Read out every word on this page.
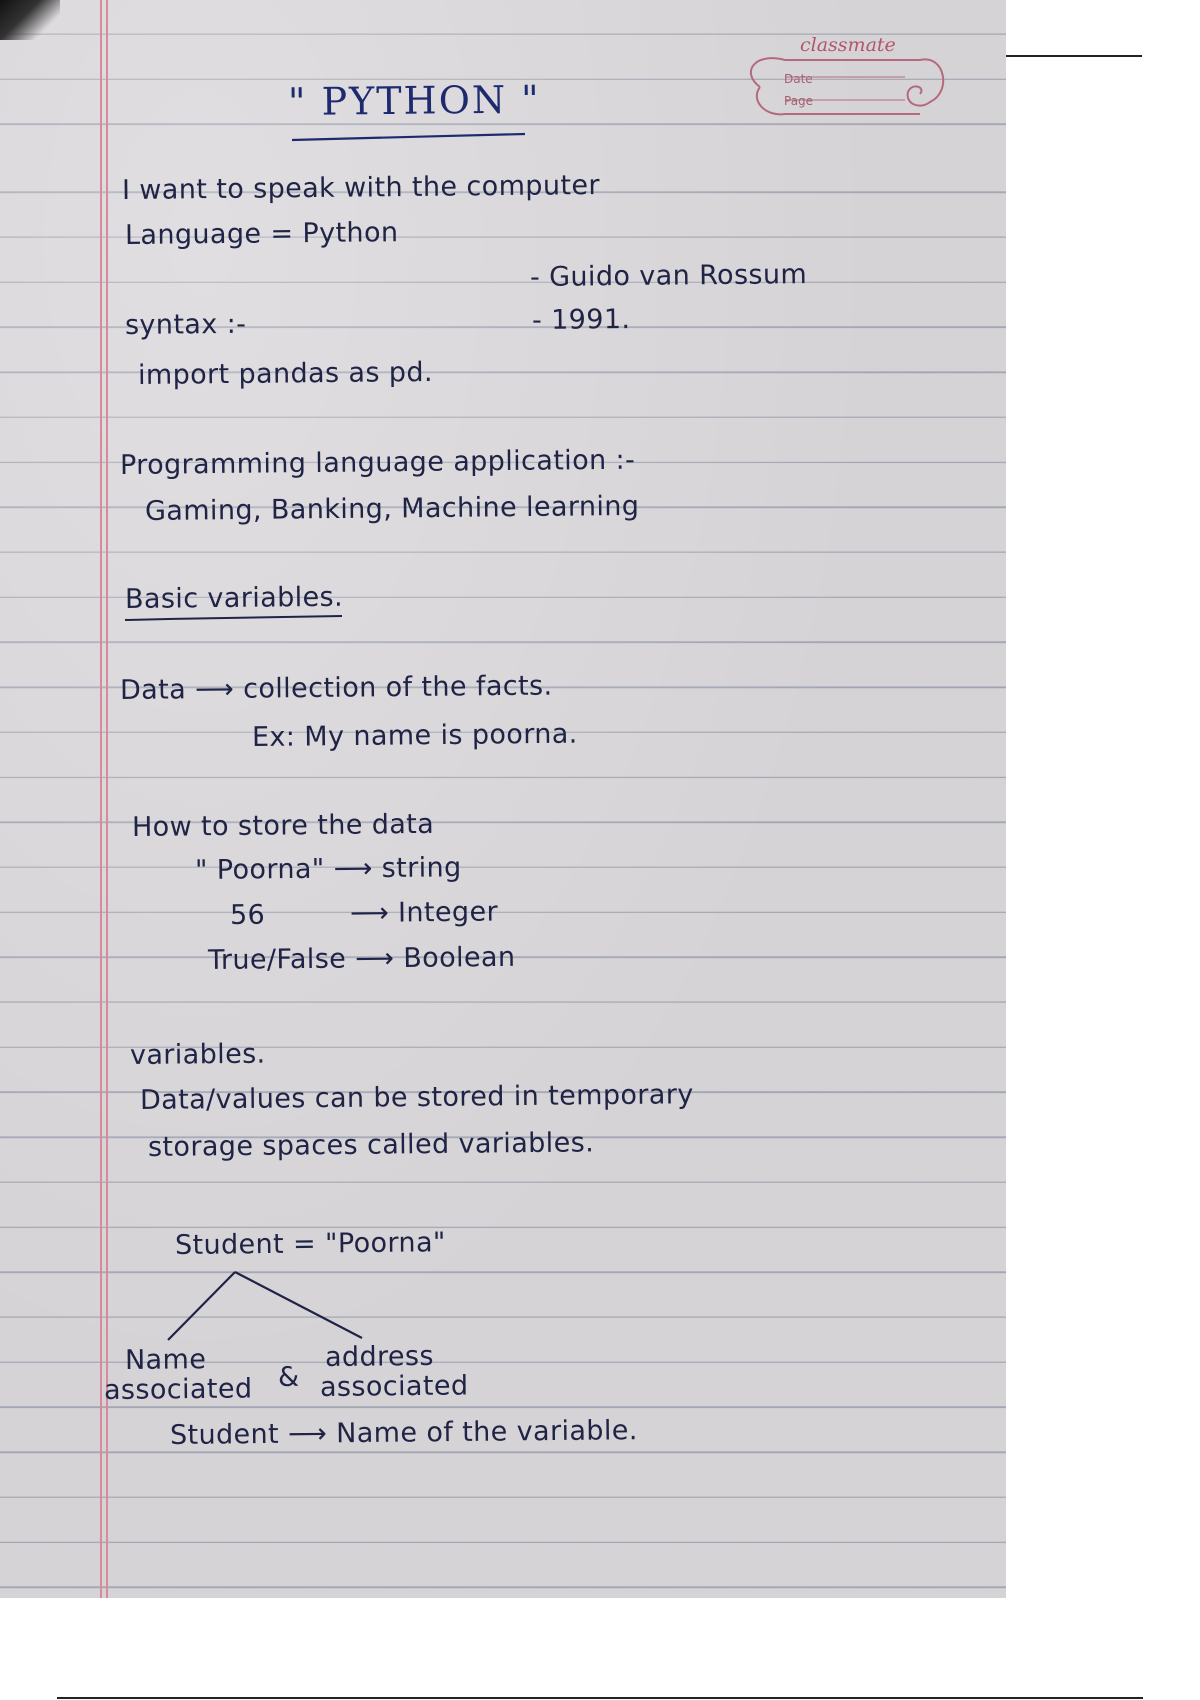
classmate
Date
Page
" PYTHON "
I want to speak with the computer
Language = Python
- Guido van Rossum
syntax :-	- 1991.
import pandas as pd.
Programming language application :-
Gaming, Banking, Machine learning
Basic variables.
Data ⟶ collection of the facts.
Ex: My name is poorna.
How to store the data
" Poorna" ⟶ string
56	⟶ Integer
True/False ⟶ Boolean
variables.
Data/values can be stored in temporary
storage spaces called variables.
Student = "Poorna"
Name
associated &
address
associated
Student ⟶ Name of the variable.
